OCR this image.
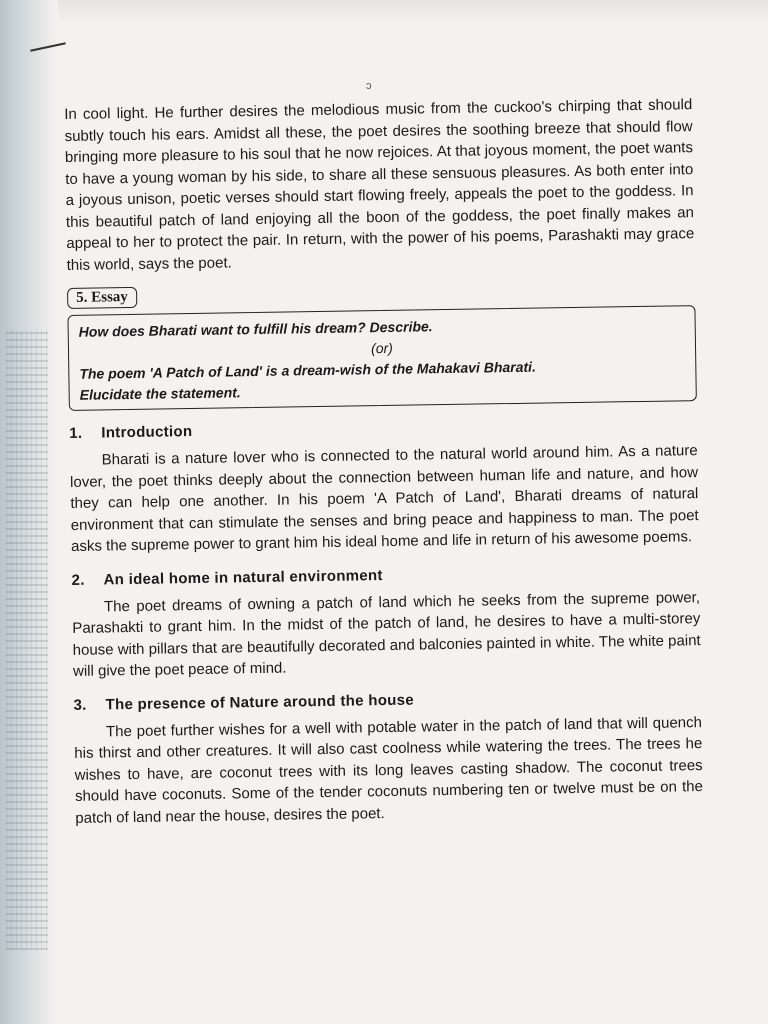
ɔ

In cool light. He further desires the melodious music from the cuckoo's chirping that should subtly touch his ears. Amidst all these, the poet desires the soothing breeze that should flow bringing more pleasure to his soul that he now rejoices. At that joyous moment, the poet wants to have a young woman by his side, to share all these sensuous pleasures. As both enter into a joyous unison, poetic verses should start flowing freely, appeals the poet to the goddess. In this beautiful patch of land enjoying all the boon of the goddess, the poet finally makes an appeal to her to protect the pair. In return, with the power of his poems, Parashakti may grace this world, says the poet.

5. Essay
How does Bharati want to fulfill his dream? Describe.
(or)
The poem 'A Patch of Land' is a dream-wish of the Mahakavi Bharati.
Elucidate the statement.
1. Introduction

Bharati is a nature lover who is connected to the natural world around him. As a nature lover, the poet thinks deeply about the connection between human life and nature, and how they can help one another. In his poem 'A Patch of Land', Bharati dreams of natural environment that can stimulate the senses and bring peace and happiness to man. The poet asks the supreme power to grant him his ideal home and life in return of his awesome poems.

2. An ideal home in natural environment

The poet dreams of owning a patch of land which he seeks from the supreme power, Parashakti to grant him. In the midst of the patch of land, he desires to have a multi-storey house with pillars that are beautifully decorated and balconies painted in white. The white paint will give the poet peace of mind.

3. The presence of Nature around the house

The poet further wishes for a well with potable water in the patch of land that will quench his thirst and other creatures. It will also cast coolness while watering the trees. The trees he wishes to have, are coconut trees with its long leaves casting shadow. The coconut trees should have coconuts. Some of the tender coconuts numbering ten or twelve must be on the patch of land near the house, desires the poet.
